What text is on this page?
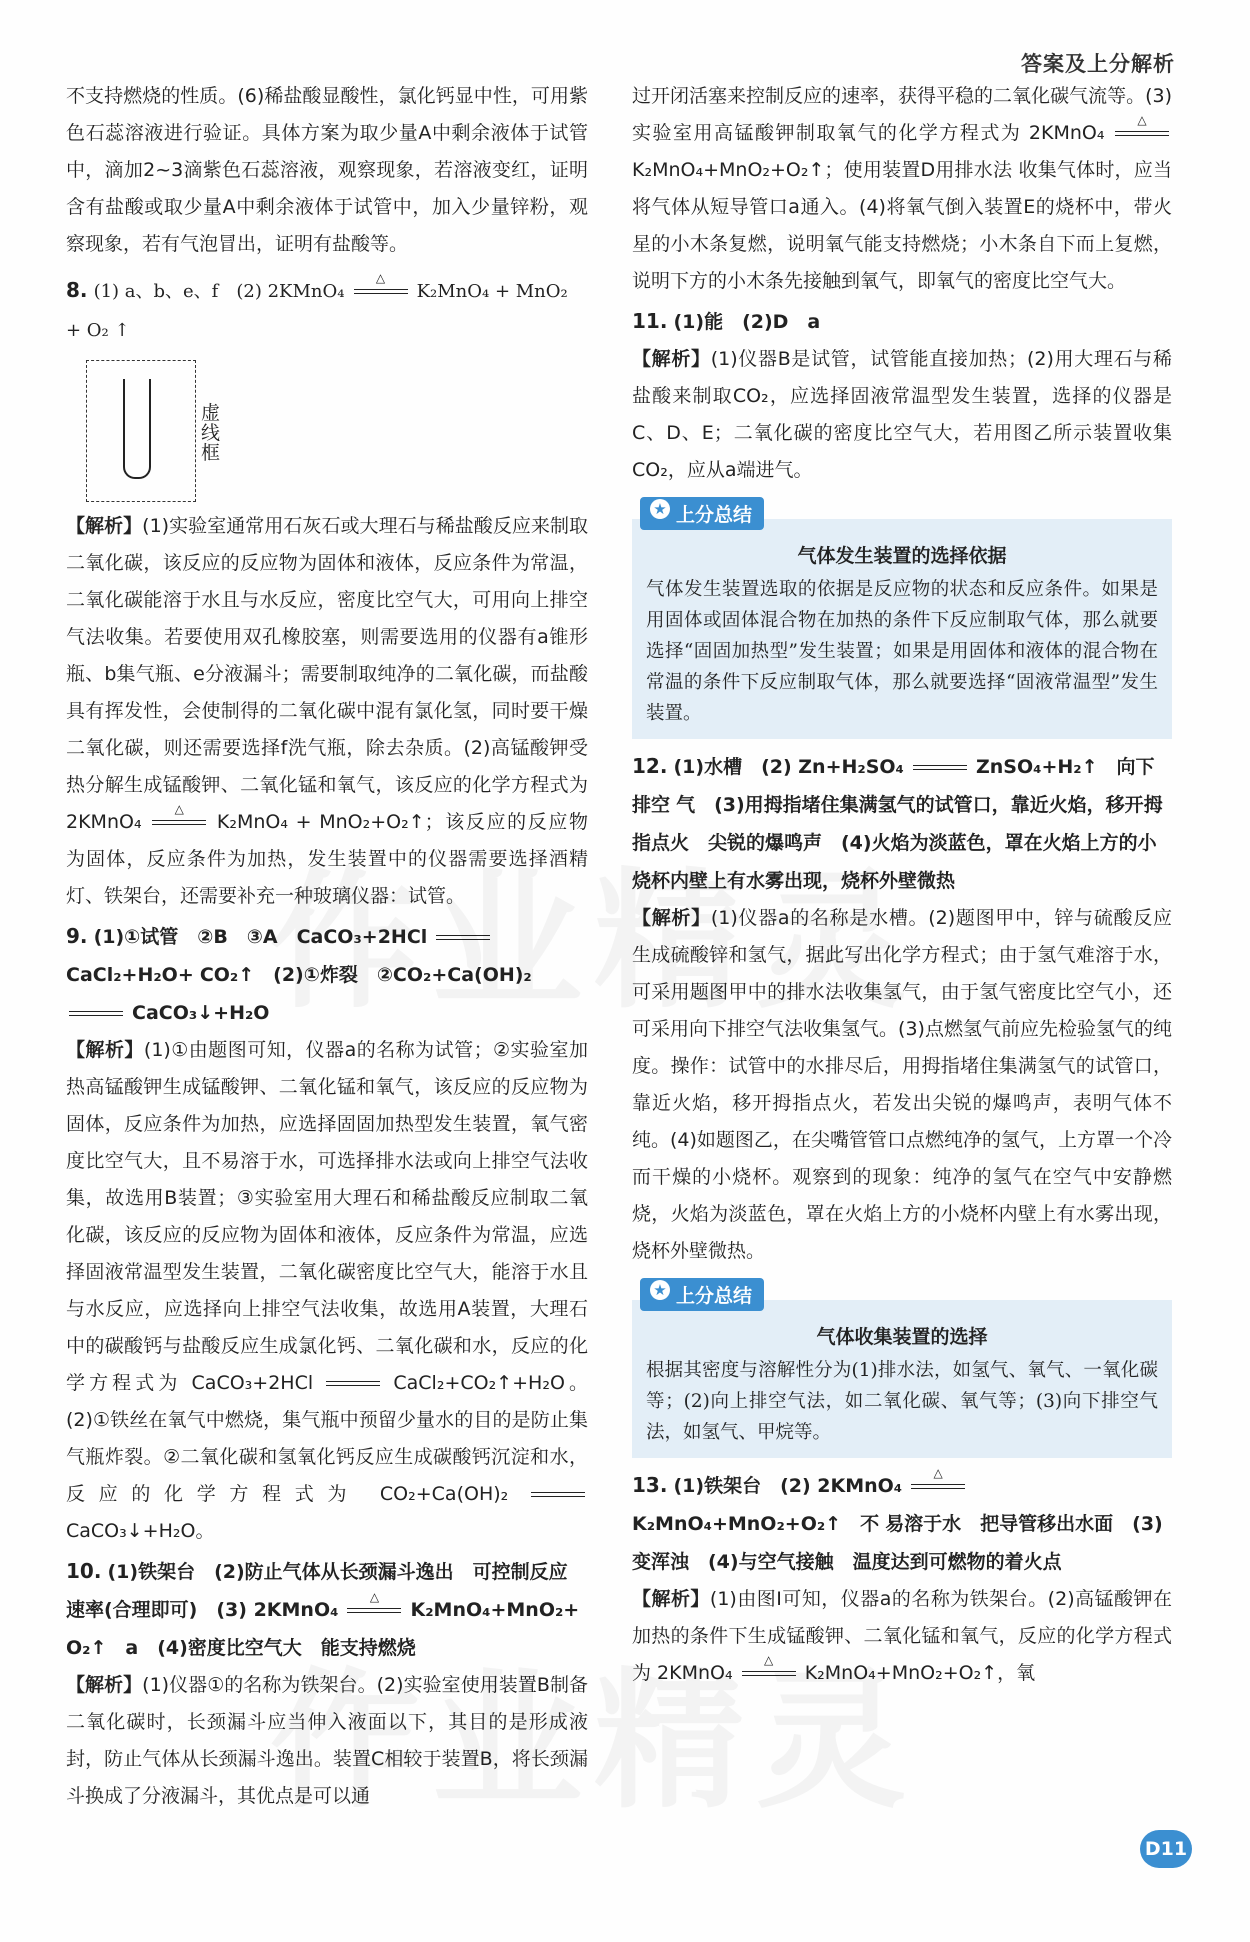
答案及上分解析

不支持燃烧的性质。(6)稀盐酸显酸性，氯化钙显中性，可用紫色石蕊溶液进行验证。具体方案为取少量A中剩余液体于试管中，滴加2~3滴紫色石蕊溶液，观察现象，若溶液变红，证明含有盐酸或取少量A中剩余液体于试管中，加入少量锌粉，观察现象，若有气泡冒出，证明有盐酸等。

8. (1) a、b、e、f　(2) 2KMnO₄
△
K₂MnO₄ + MnO₂ + O₂ ↑

虚线框

【解析】(1)实验室通常用石灰石或大理石与稀盐酸反应来制取二氧化碳，该反应的反应物为固体和液体，反应条件为常温，二氧化碳能溶于水且与水反应，密度比空气大，可用向上排空气法收集。若要使用双孔橡胶塞，则需要选用的仪器有a锥形瓶、b集气瓶、e分液漏斗；需要制取纯净的二氧化碳，而盐酸具有挥发性，会使制得的二氧化碳中混有氯化氢，同时要干燥二氧化碳，则还需要选择f洗气瓶，除去杂质。(2)高锰酸钾受热分解生成锰酸钾、二氧化锰和氧气，该反应的化学方程式为 2KMnO₄
△
K₂MnO₄ + MnO₂+O₂↑；该反应的反应物为固体，反应条件为加热，发生装置中的仪器需要选择酒精灯、铁架台，还需要补充一种玻璃仪器：试管。

9. (1)①试管　②B　③A　CaCO₃+2HCl  CaCl₂+H₂O+ CO₂↑　(2)①炸裂　②CO₂+Ca(OH)₂  CaCO₃↓+H₂O

【解析】(1)①由题图可知，仪器a的名称为试管；②实验室加热高锰酸钾生成锰酸钾、二氧化锰和氧气，该反应的反应物为固体，反应条件为加热，应选择固固加热型发生装置，氧气密度比空气大，且不易溶于水，可选择排水法或向上排空气法收集，故选用B装置；③实验室用大理石和稀盐酸反应制取二氧化碳，该反应的反应物为固体和液体，反应条件为常温，应选择固液常温型发生装置，二氧化碳密度比空气大，能溶于水且与水反应，应选择向上排空气法收集，故选用A装置，大理石中的碳酸钙与盐酸反应生成氯化钙、二氧化碳和水，反应的化学方程式为 CaCO₃+2HCl	CaCl₂+CO₂↑+H₂O。(2)①铁丝在氧气中燃烧，集气瓶中预留少量水的目的是防止集气瓶炸裂。②二氧化碳和氢氧化钙反应生成碳酸钙沉淀和水，反应的化学方程式为 CO₂+Ca(OH)₂  CaCO₃↓+H₂O。

10. (1)铁架台　(2)防止气体从长颈漏斗逸出　可控制反应 速率(合理即可)　(3) 2KMnO₄
△
K₂MnO₄+MnO₂+ O₂↑　a　(4)密度比空气大　能支持燃烧

【解析】(1)仪器①的名称为铁架台。(2)实验室使用装置B制备二氧化碳时，长颈漏斗应当伸入液面以下，其目的是形成液封，防止气体从长颈漏斗逸出。装置C相较于装置B，将长颈漏斗换成了分液漏斗，其优点是可以通

过开闭活塞来控制反应的速率，获得平稳的二氧化碳气流等。(3)实验室用高锰酸钾制取氧气的化学方程式为 2KMnO₄
△
K₂MnO₄+MnO₂+O₂↑；使用装置D用排水法 收集气体时，应当将气体从短导管口a通入。(4)将氧气倒入装置E的烧杯中，带火星的小木条复燃，说明氧气能支持燃烧；小木条自下而上复燃，说明下方的小木条先接触到氧气，即氧气的密度比空气大。

11. (1)能　(2)D　a

【解析】(1)仪器B是试管，试管能直接加热；(2)用大理石与稀盐酸来制取CO₂，应选择固液常温型发生装置，选择的仪器是C、D、E；二氧化碳的密度比空气大，若用图乙所示装置收集CO₂，应从a端进气。

★ 上分总结
气体发生装置的选择依据
气体发生装置选取的依据是反应物的状态和反应条件。如果是用固体或固体混合物在加热的条件下反应制取气体，那么就要选择“固固加热型”发生装置；如果是用固体和液体的混合物在常温的条件下反应制取气体，那么就要选择“固液常温型”发生装置。

12. (1)水槽　(2) Zn+H₂SO₄	ZnSO₄+H₂↑　向下排空 气　(3)用拇指堵住集满氢气的试管口，靠近火焰，移开拇指点火　尖锐的爆鸣声　(4)火焰为淡蓝色，罩在火焰上方的小烧杯内壁上有水雾出现，烧杯外壁微热

【解析】(1)仪器a的名称是水槽。(2)题图甲中，锌与硫酸反应生成硫酸锌和氢气，据此写出化学方程式；由于氢气难溶于水，可采用题图甲中的排水法收集氢气，由于氢气密度比空气小，还可采用向下排空气法收集氢气。(3)点燃氢气前应先检验氢气的纯度。操作：试管中的水排尽后，用拇指堵住集满氢气的试管口，靠近火焰，移开拇指点火，若发出尖锐的爆鸣声，表明气体不纯。(4)如题图乙，在尖嘴管管口点燃纯净的氢气，上方罩一个冷而干燥的小烧杯。观察到的现象：纯净的氢气在空气中安静燃烧，火焰为淡蓝色，罩在火焰上方的小烧杯内壁上有水雾出现，烧杯外壁微热。

★ 上分总结
气体收集装置的选择
根据其密度与溶解性分为(1)排水法，如氢气、氧气、一氧化碳等；(2)向上排空气法，如二氧化碳、氧气等；(3)向下排空气法，如氢气、甲烷等。

13. (1)铁架台　(2) 2KMnO₄
△
K₂MnO₄+MnO₂+O₂↑　不 易溶于水　把导管移出水面　(3)变浑浊　(4)与空气接触　温度达到可燃物的着火点

【解析】(1)由图Ⅰ可知，仪器a的名称为铁架台。(2)高锰酸钾在加热的条件下生成锰酸钾、二氧化锰和氧气，反应的化学方程式为 2KMnO₄
△
K₂MnO₄+MnO₂+O₂↑，氧

D11
